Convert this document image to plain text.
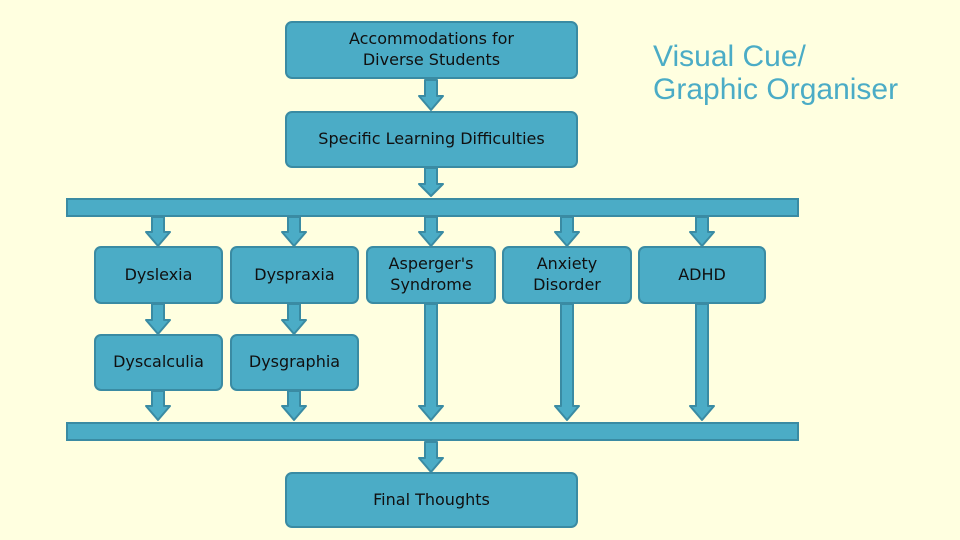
Accommodations for
Diverse Students
Specific Learning Difficulties
Dyslexia	Dyspraxia
Asperger's
Syndrome
Anxiety
Disorder
ADHD
Dyscalculia	Dysgraphia
Final Thoughts
Visual Cue/
Graphic Organiser
